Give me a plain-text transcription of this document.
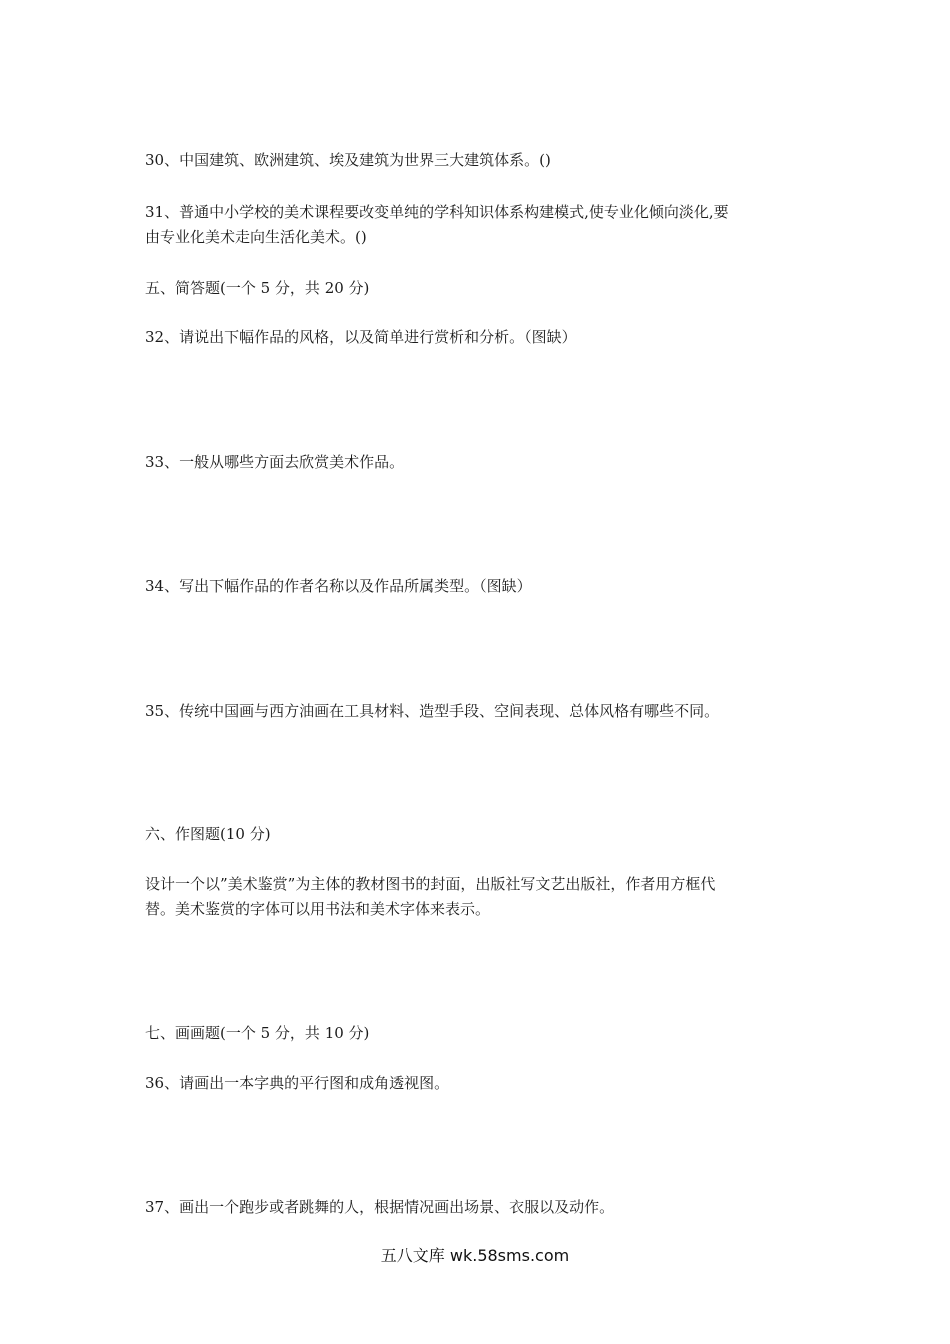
30、中国建筑、欧洲建筑、埃及建筑为世界三大建筑体系。()
31、普通中小学校的美术课程要改变单纯的学科知识体系构建模式,使专业化倾向淡化,要
由专业化美术走向生活化美术。()
五、简答题(一个 5 分，共 20 分)
32、请说出下幅作品的风格，以及简单进行赏析和分析。（图缺）
33、一般从哪些方面去欣赏美术作品。
34、写出下幅作品的作者名称以及作品所属类型。（图缺）
35、传统中国画与西方油画在工具材料、造型手段、空间表现、总体风格有哪些不同。
六、作图题(10 分)
设计一个以”美术鉴赏”为主体的教材图书的封面，出版社写文艺出版社，作者用方框代
替。美术鉴赏的字体可以用书法和美术字体来表示。
七、画画题(一个 5 分，共 10 分)
36、请画出一本字典的平行图和成角透视图。
37、画出一个跑步或者跳舞的人，根据情况画出场景、衣服以及动作。
五八文库 wk.58sms.com
